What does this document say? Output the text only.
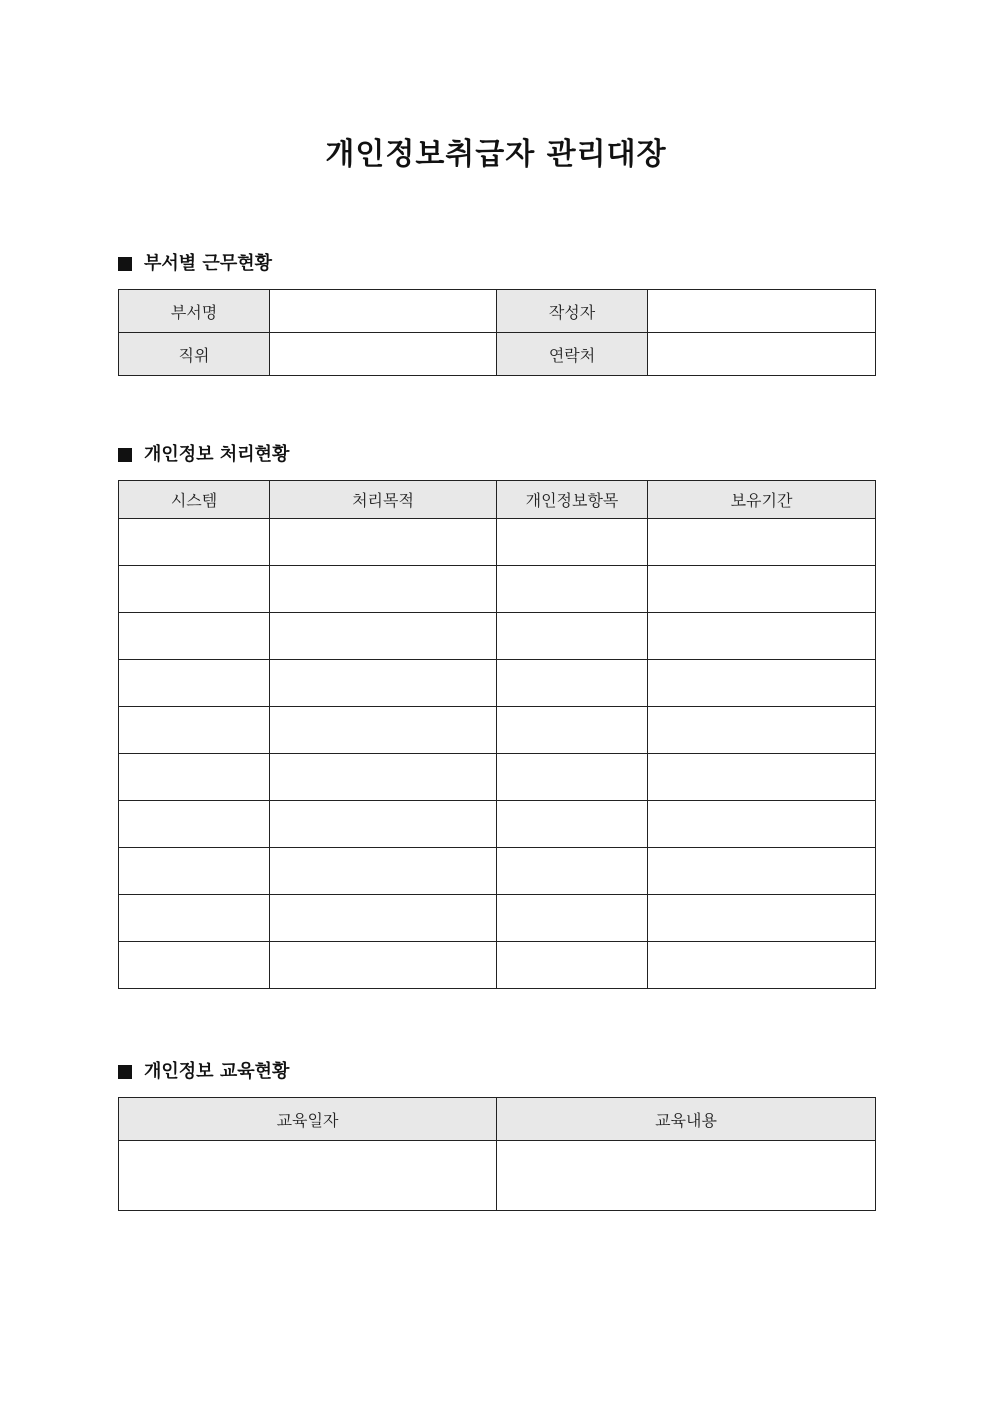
개인정보취급자 관리대장
부서별 근무현황
부서명		작성자	
직위		연락처	
개인정보 처리현황
시스템	처리목적	개인정보항목	보유기간

개인정보 교육현황
교육일자	교육내용
